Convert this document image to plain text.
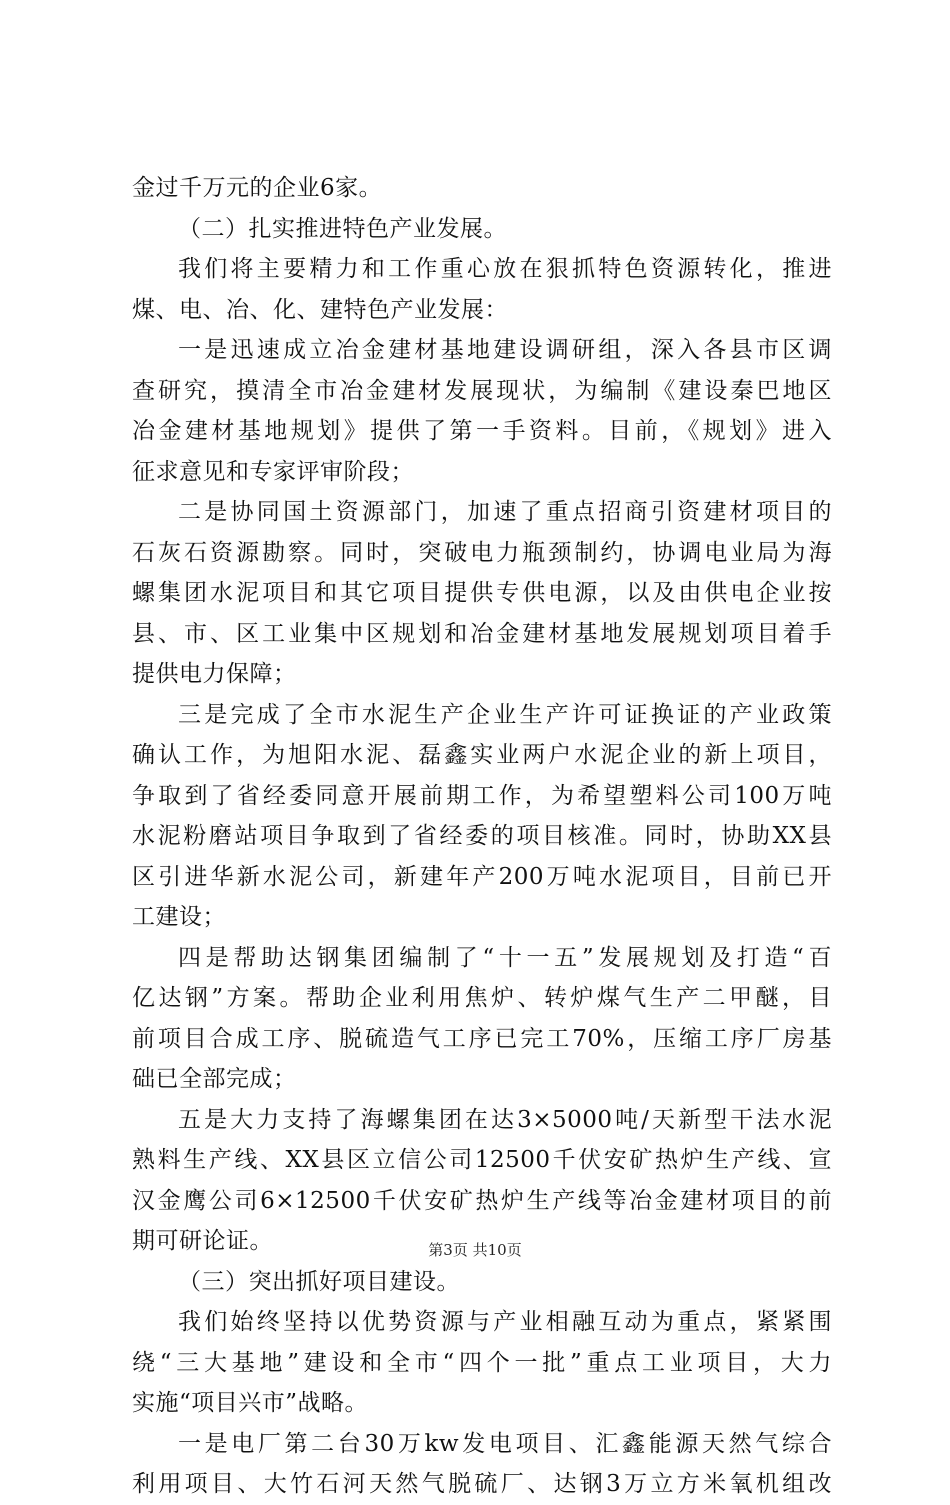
金过千万元的企业6家。
（二）扎实推进特色产业发展。
我们将主要精力和工作重心放在狠抓特色资源转化，推进
煤、电、冶、化、建特色产业发展：
一是迅速成立冶金建材基地建设调研组，深入各县市区调
查研究，摸清全市冶金建材发展现状，为编制《建设秦巴地区
冶金建材基地规划》提供了第一手资料。目前，《规划》进入
征求意见和专家评审阶段；
二是协同国土资源部门，加速了重点招商引资建材项目的
石灰石资源勘察。同时，突破电力瓶颈制约，协调电业局为海
螺集团水泥项目和其它项目提供专供电源，以及由供电企业按
县、市、区工业集中区规划和冶金建材基地发展规划项目着手
提供电力保障；
三是完成了全市水泥生产企业生产许可证换证的产业政策
确认工作，为旭阳水泥、磊鑫实业两户水泥企业的新上项目，
争取到了省经委同意开展前期工作，为希望塑料公司100万吨
水泥粉磨站项目争取到了省经委的项目核准。同时，协助XX县
区引进华新水泥公司，新建年产200万吨水泥项目，目前已开
工建设；
四是帮助达钢集团编制了“十一五”发展规划及打造“百
亿达钢”方案。帮助企业利用焦炉、转炉煤气生产二甲醚，目
前项目合成工序、脱硫造气工序已完工70%，压缩工序厂房基
础已全部完成；
五是大力支持了海螺集团在达3×5000吨/天新型干法水泥
熟料生产线、XX县区立信公司12500千伏安矿热炉生产线、宣
汉金鹰公司6×12500千伏安矿热炉生产线等冶金建材项目的前
期可研论证。
（三）突出抓好项目建设。
我们始终坚持以优势资源与产业相融互动为重点，紧紧围
绕“三大基地”建设和全市“四个一批”重点工业项目，大力
实施“项目兴市”战略。
一是电厂第二台30万kw发电项目、汇鑫能源天然气综合
利用项目、大竹石河天然气脱硫厂、达钢3万立方米氧机组改
第3页 共10页
